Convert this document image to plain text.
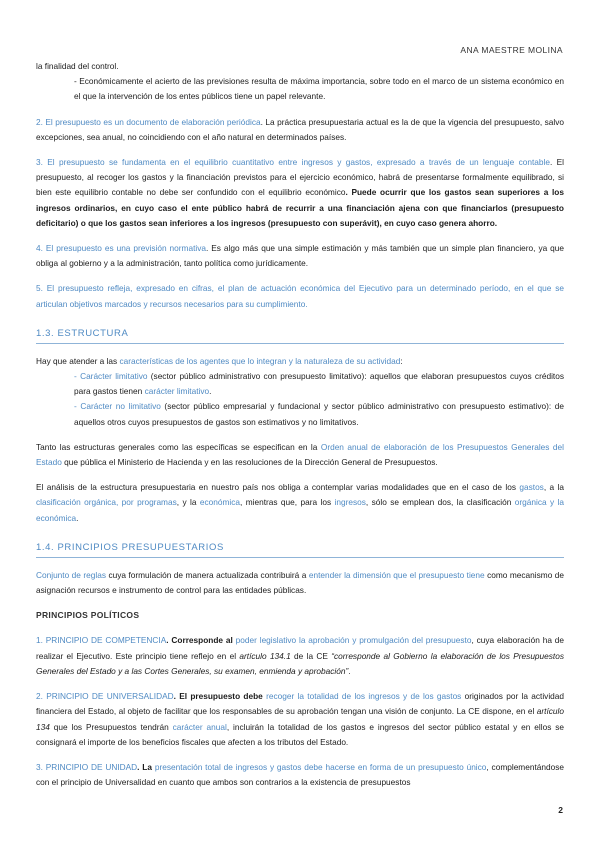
ANA MAESTRE MOLINA

la finalidad del control.

- Económicamente el acierto de las previsiones resulta de máxima importancia, sobre todo en el marco de un sistema económico en el que la intervención de los entes públicos tiene un papel relevante.

2. El presupuesto es un documento de elaboración periódica. La práctica presupuestaria actual es la de que la vigencia del presupuesto, salvo excepciones, sea anual, no coincidiendo con el año natural en determinados países.

3. El presupuesto se fundamenta en el equilibrio cuantitativo entre ingresos y gastos, expresado a través de un lenguaje contable. El presupuesto, al recoger los gastos y la financiación previstos para el ejercicio económico, habrá de presentarse formalmente equilibrado, si bien este equilibrio contable no debe ser confundido con el equilibrio económico. Puede ocurrir que los gastos sean superiores a los ingresos ordinarios, en cuyo caso el ente público habrá de recurrir a una financiación ajena con que financiarlos (presupuesto deficitario) o que los gastos sean inferiores a los ingresos (presupuesto con superávit), en cuyo caso genera ahorro.

4. El presupuesto es una previsión normativa. Es algo más que una simple estimación y más también que un simple plan financiero, ya que obliga al gobierno y a la administración, tanto política como jurídicamente.

5. El presupuesto refleja, expresado en cifras, el plan de actuación económica del Ejecutivo para un determinado período, en el que se articulan objetivos marcados y recursos necesarios para su cumplimiento.

1.3. ESTRUCTURA

Hay que atender a las características de los agentes que lo integran y la naturaleza de su actividad:

- Carácter limitativo (sector público administrativo con presupuesto limitativo): aquellos que elaboran presupuestos cuyos créditos para gastos tienen carácter limitativo.

- Carácter no limitativo (sector público empresarial y fundacional y sector público administrativo con presupuesto estimativo): de aquellos otros cuyos presupuestos de gastos son estimativos y no limitativos.

Tanto las estructuras generales como las específicas se especifican en la Orden anual de elaboración de los Presupuestos Generales del Estado que pública el Ministerio de Hacienda y en las resoluciones de la Dirección General de Presupuestos.

El análisis de la estructura presupuestaria en nuestro país nos obliga a contemplar varias modalidades que en el caso de los gastos, a la clasificación orgánica, por programas, y la económica, mientras que, para los ingresos, sólo se emplean dos, la clasificación orgánica y la económica.

1.4. PRINCIPIOS PRESUPUESTARIOS

Conjunto de reglas cuya formulación de manera actualizada contribuirá a entender la dimensión que el presupuesto tiene como mecanismo de asignación recursos e instrumento de control para las entidades públicas.

PRINCIPIOS POLÍTICOS

1. PRINCIPIO DE COMPETENCIA. Corresponde al poder legislativo la aprobación y promulgación del presupuesto, cuya elaboración ha de realizar el Ejecutivo. Este principio tiene reflejo en el artículo 134.1 de la CE “corresponde al Gobierno la elaboración de los Presupuestos Generales del Estado y a las Cortes Generales, su examen, enmienda y aprobación”.

2. PRINCIPIO DE UNIVERSALIDAD. El presupuesto debe recoger la totalidad de los ingresos y de los gastos originados por la actividad financiera del Estado, al objeto de facilitar que los responsables de su aprobación tengan una visión de conjunto. La CE dispone, en el artículo 134 que los Presupuestos tendrán carácter anual, incluirán la totalidad de los gastos e ingresos del sector público estatal y en ellos se consignará el importe de los beneficios fiscales que afecten a los tributos del Estado.

3. PRINCIPIO DE UNIDAD. La presentación total de ingresos y gastos debe hacerse en forma de un presupuesto único, complementándose con el principio de Universalidad en cuanto que ambos son contrarios a la existencia de presupuestos

2
